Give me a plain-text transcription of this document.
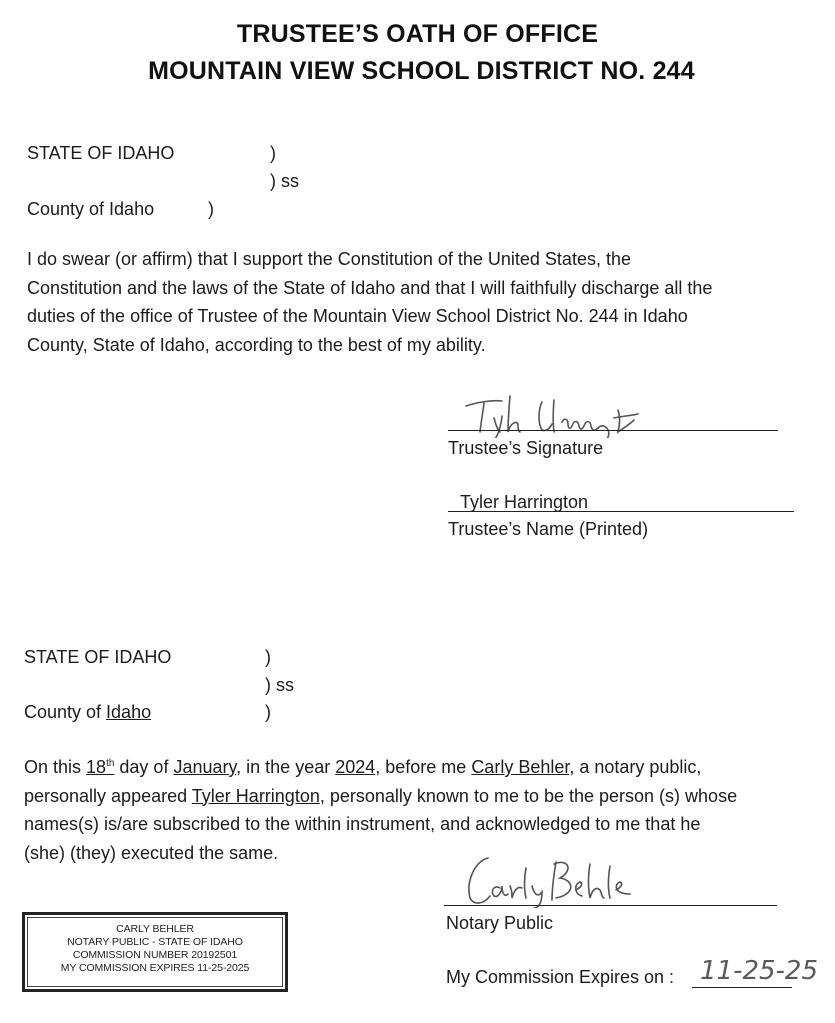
TRUSTEE’S OATH OF OFFICE
MOUNTAIN VIEW SCHOOL DISTRICT NO. 244
STATE OF IDAHO	)
) ss
County of Idaho	)
I do swear (or affirm) that I support the Constitution of the United States, the
Constitution and the laws of the State of Idaho and that I will faithfully discharge all the
duties of the office of Trustee of the Mountain View School District No. 244 in Idaho
County, State of Idaho, according to the best of my ability.
Trustee’s Signature
Tyler Harrington
Trustee’s Name (Printed)
STATE OF IDAHO	)
) ss
County of Idaho	)
On this 18th day of January, in the year 2024, before me Carly Behler, a notary public,
personally appeared Tyler Harrington, personally known to me to be the person (s) whose
names(s) is/are subscribed to the within instrument, and acknowledged to me that he
(she) (they) executed the same.
Notary Public
My Commission Expires on : 11-25-25
CARLY BEHLER
NOTARY PUBLIC - STATE OF IDAHO
COMMISSION NUMBER 20192501
MY COMMISSION EXPIRES 11-25-2025
